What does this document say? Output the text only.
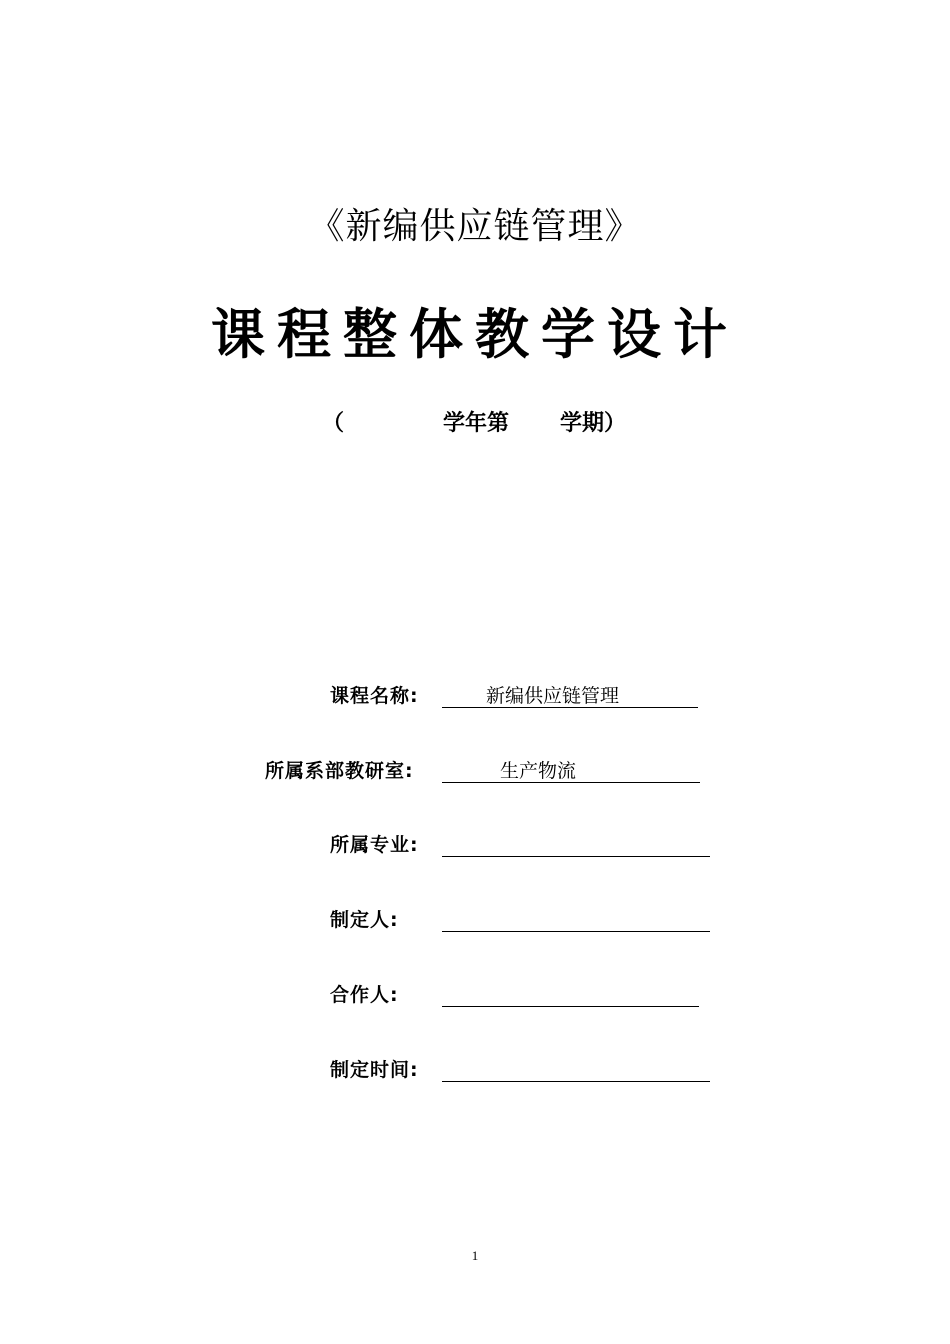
《新编供应链管理》
课程整体教学设计
（	学年第 学期）
课程名称:	新编供应链管理
所属系部教研室:	生产物流
所属专业:
制定人:
合作人:
制定时间:
1
